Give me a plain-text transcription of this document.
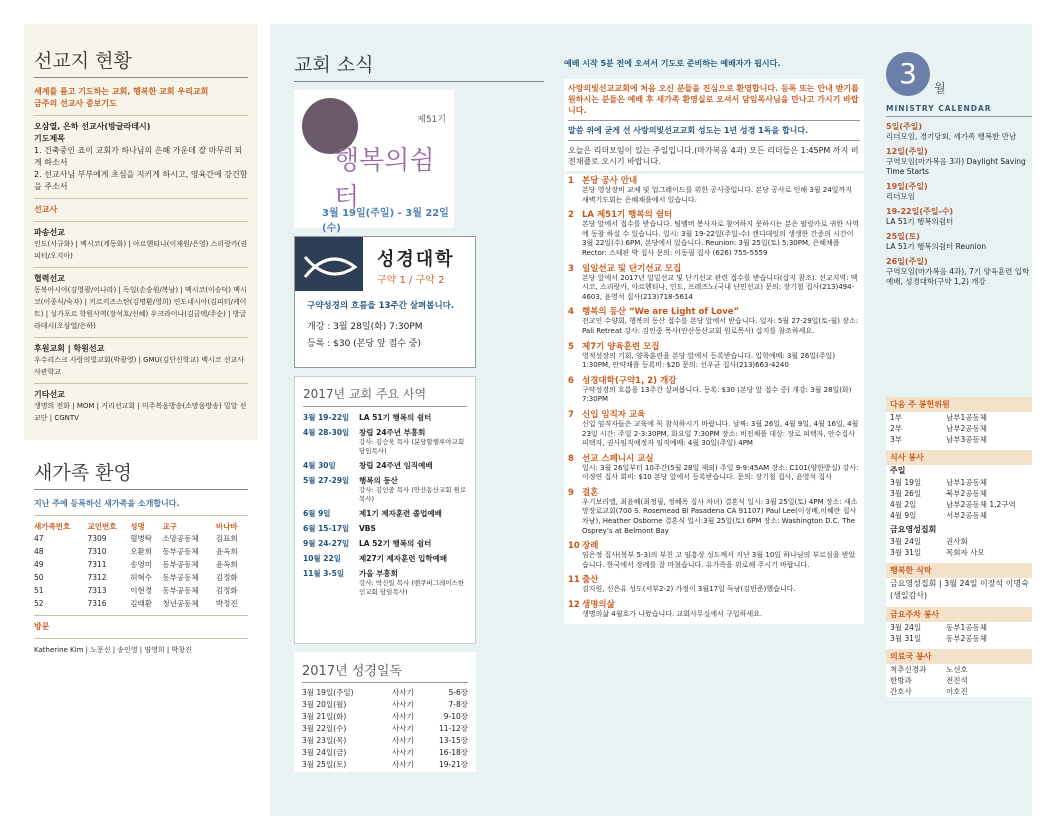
선교지 현황
세계를 품고 기도하는 교회, 행복한 교회 우리교회
금주의 선교사 중보기도
오삼열, 은하 선교사(방글라데시)
기도제목
1. 건축중인 죠이 교회가 하나님의 은혜 가운데 잘 마무리 되게 하소서
2. 선교사님 부부에게 초심을 지키게 하시고, 영육간에 강건함을 주소서
선교사
파송선교
인도(서규화) | 멕시코(계동화) | 아르헨티나(이재원/은영) 스리랑카(권피터/오지아)
협력선교
동북아시아(김영광/이나라) | 독일(손승원/복남) | 멕시코(이승덕) 멕시코(이종식/숙자) | 키르키즈스탄(김명환/영희) 인도네시아(김피터/케이트) | 싱가포르 학원사역(장석호/신혜) 우크라이나(김금택/주순) | 방글라데시(오삼열/은하)
후원교회 | 학원선교
우수리스크 사랑의빛교회(박광영) | GMU(김단신학교) 멕시코 선교사사관학교
기타선교
생명의 전화 | MOM | 거리선교회 | 미주복음방송(소망음방송) 밀알 선교단 | CGNTV
새가족 환영
지난 주에 등록하신 새가족을 소개합니다.
새가족번호	교인번호	성명	교구	바나바
47	7309	혈병탁	소망공동체	김표희
48	7310	오환희	동부공동체	윤옥희
49	7311	송영미	동부공동체	윤옥희
50	7312	허혁수	동부공동체	김정화
51	7313	이현경	동부공동체	김정화
52	7316	김태환	청년공동체	박정진
방문
Katherine Kim | 노문신 | 송인영 | 염영희 | 박창진
교회 소식
제51기
행복의쉼터
3월 19일(주일) - 3월 22일(수)
성경대학
구약 1 / 구약 2
구약성경의 흐름을 13주간 살펴봅니다.
개강 : 3월 28일(화) 7:30PM
등록 : $30 (본당 앞 접수 중)
2017년 교회 주요 사역
3월 19-22일	LA 51기 행복의 쉼터
4월 28-30일	창립 24주년 부흥회
강사: 김승욱 목사 (분당할렐루야교회 담임목사)
4월 30일	창립 24주년 임직예배
5월 27-29일	행복의 동산
강사: 김인중 목사 (안산동산교회 원로목사)
6월 9일	제1기 제자훈련 졸업예배
6월 15-17일	VBS
9월 24-27일	LA 52기 행복의 쉼터
10월 22일	제27기 제자훈련 입학예배
11월 3-5일	가을 부흥회
강사: 박신일 목사 (밴쿠버그레이스한인교회 담임목사)
2017년 성경일독
3월 19일(주일)	사사기	5-6장
3월 20일(월)	사사기	7-8장
3월 21일(화)	사사기	9-10장
3월 22일(수)	사사기	11-12장
3월 23일(목)	사사기	13-15장
3월 24일(금)	사사기	16-18장
3월 25일(토)	사사기	19-21장
예배 시작 5분 전에 오셔서 기도로 준비하는 예배자가 됩시다.
사랑의빛선교교회에 처음 오신 분들을 진심으로 환영합니다. 등록 또는 안내 받기를 원하시는 분들은 예배 후 새가족 환영실로 오셔서 담임목사님을 만나고 가시기 바랍니다.
말씀 위에 굳게 선 사랑의빛선교교회 성도는 1년 성경 1독을 합니다.
오늘은 리더모임이 있는 주일입니다.(마가복음 4과) 모든 리더들은 1:45PM 까지 비전채플로 오시기 바랍니다.
1 본당 공사 안내
본당 영상장비 교체 및 업그레이드를 위한 공사중입니다. 본당 공사로 인해 3월 24일까지 새벽기도회는 은혜채플에서 있습니다.
2 LA 제51기 행복의 쉼터
본당 앞에서 접수를 받습니다. 팀멤버 봉사자로 참여하지 못하시는 분은 팔랑카로 귀한 사역에 동참 하실 수 있습니다. 일시: 3월 19-22일(주일-수) 캔디데잇의 생생한 간증의 시간이 3월 22일(수) 6PM, 본당에서 있습니다. Reunion: 3월 25일(토) 5:30PM, 은혜채플 Rector: 스테판 박 집사 문의: 이동필 집사 (626) 755-5559
3 일일선교 및 단기선교 모집
본당 앞에서 2017년 일일선교 및 단기선교 관련 접수를 받습니다(삽지 참조). 선교지역: 멕시코, 스리랑카, 아르헨티나, 인도, 프레즈노(국내 난민선교) 문의: 장기철 집사(213)494-4603, 윤영석 집사(213)718-5614
4 행복의 동산 “We are Light of Love”
전교인 수양회, 행복의 동산 접수를 본당 앞에서 받습니다. 일자: 5월 27-29일(토-월) 장소: Pali Retreat 강사: 김인중 목사(안산동산교회 원로목사) 삽지를 참조하세요.
5 제7기 양육훈련 모집
영적성장의 기회, 양육훈련을 본당 앞에서 등록받습니다. 입학예배: 3월 26일(주일) 1:30PM, 안약채플 등록비: $20 문의: 선우균 집사(213)663-4240
6 성경대학(구약1, 2) 개강
구약성경의 흐름을 13주간 살펴봅니다. 등록: $30 (본당 앞 접수 중) 개강: 3월 28일(화) 7:30PM
7 신입 임직자 교육
신입 임직자들은 교육에 꼭 참석하시기 바랍니다. 날짜: 3월 26일, 4월 9일, 4월 16일, 4월 23일 시간: 주일 2-3:30PM, 화요일 7:30PM 장소: 비전채플 대상: 장로 피택자, 안수집사 피택자, 권사임직예정자 임직예배: 4월 30일(주일) 4PM
8 선교 스페니시 교실
일시: 3월 26일부터 10주간(5월 28일 제외) 주일 9-9:45AM 장소: C101(양한방실) 강사: 이정연 집사 회비: $10 본당 앞에서 등록받습니다. 문의: 장기철 집사, 윤영석 집사
9 결혼
우기보리엘, 최윤혜(최정필, 정혜옥 집사 차녀) 결혼식 일시: 3월 25일(토) 4PM 장소: 새소망장로교회(700 S. Rosemead Bl Pasadena CA 91107) Paul Lee(이성배,이혜란 집사 차남), Heather Osborne 결혼식 일시:3월 25일(토) 6PM 장소: Washington D.C. The Osprey’s at Belmont Bay
10 장례
임은정 집사(북부 5-3)의 부친 고 임흥상 성도께서 지난 3월 10일 하나님의 부르심을 받았습니다. 한국에서 장례를 잘 마쳤습니다. 유가족을 위로해 주시기 바랍니다.
11 출산
김지원, 신은유 성도(서부2-2) 가정이 3월17일 득남(김민준)했습니다.
12 생명의삶
생명의삶 4월호가 나왔습니다. 교회사무실에서 구입하세요.
3	월
MINISTRY CALENDAR
5일(주일)
리더모임, 경기당회, 세가족 행복한 만남
12일(주일)
구역모임(마가복음 3과) Daylight Saving Time Starts
19일(주일)
리더모임
19-22일(주일-수)
LA 51기 행복의쉼터
25일(토)
LA 51기 행복의쉼터 Reunion
26일(주일)
구역모임(마가복음 4과), 7기 양육훈련 입학예배, 성경대학(구약 1,2) 개강
다음 주 봉헌위원
1부	남부1공동체
2부	남부2공동체
3부	남부3공동체
식사 봉사
주일
3월 19일	남부1공동체
3월 26일	북부2공동체
4월 2일	남부2공동체 1,2구역
4월 9일	서부2공동체
금요영성집회
3월 24일	권사회
3월 31일	목회자 사모
행복한 식탁
금요영성집회 | 3월 24일 이장석 이명숙 (생일감사)
금요주차 봉사
3월 24일	동부1공동체
3월 31일	동부2공동체
의료국 봉사
척추신경과	노선호
한방과	전진석
간호사	이호진
